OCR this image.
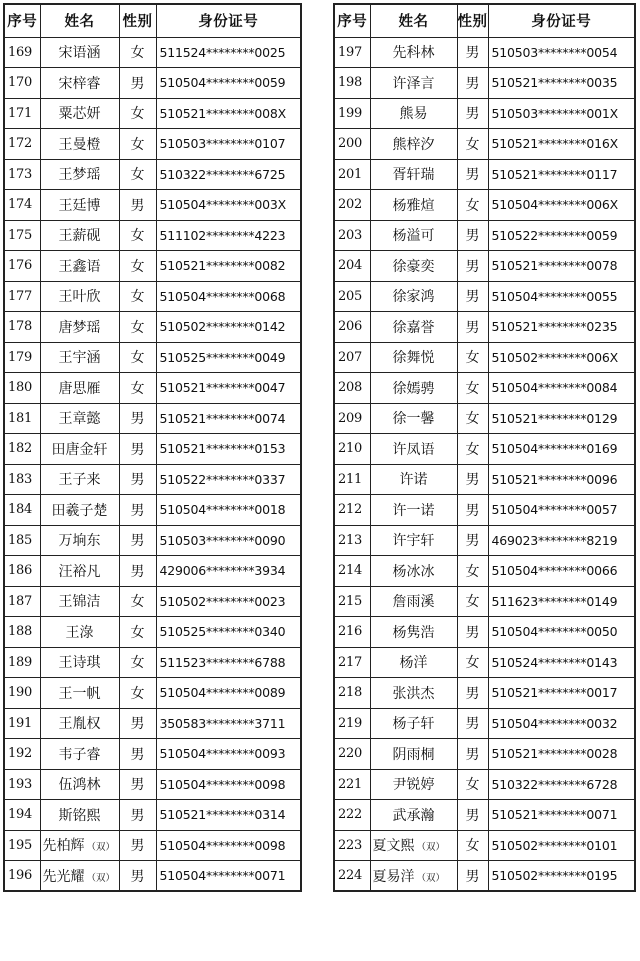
序号	姓名	性别	身份证号
169	宋语涵	女	511524********0025
170	宋梓睿	男	510504********0059
171	粟芯妍	女	510521********008X
172	王曼橙	女	510503********0107
173	王梦瑶	女	510322********6725
174	王廷博	男	510504********003X
175	王薪砚	女	511102********4223
176	王鑫语	女	510521********0082
177	王叶欣	女	510504********0068
178	唐梦瑶	女	510502********0142
179	王宇涵	女	510525********0049
180	唐思雁	女	510521********0047
181	王章懿	男	510521********0074
182	田唐金轩	男	510521********0153
183	王子来	男	510522********0337
184	田羲子楚	男	510504********0018
185	万垧东	男	510503********0090
186	汪裕凡	男	429006********3934
187	王锦洁	女	510502********0023
188	王淥	女	510525********0340
189	王诗琪	女	511523********6788
190	王一帆	女	510504********0089
191	王胤权	男	350583********3711
192	韦子睿	男	510504********0093
193	伍鸿林	男	510504********0098
194	斯铭熙	男	510521********0314
195	先柏辉 （双）	男	510504********0098
196	先光耀 （双）	男	510504********0071
序号	姓名	性别	身份证号
197	先科林	男	510503********0054
198	许泽言	男	510521********0035
199	熊易	男	510503********001X
200	熊梓汐	女	510521********016X
201	胥轩瑞	男	510521********0117
202	杨雅煊	女	510504********006X
203	杨溢可	男	510522********0059
204	徐豪奕	男	510521********0078
205	徐家鸿	男	510504********0055
206	徐嘉誉	男	510521********0235
207	徐舞悦	女	510502********006X
208	徐嫣骋	女	510504********0084
209	徐一馨	女	510521********0129
210	许凤语	女	510504********0169
211	许诺	男	510521********0096
212	许一诺	男	510504********0057
213	许宇轩	男	469023********8219
214	杨冰冰	女	510504********0066
215	詹雨溪	女	511623********0149
216	杨隽浩	男	510504********0050
217	杨洋	女	510524********0143
218	张洪杰	男	510521********0017
219	杨子轩	男	510504********0032
220	阴雨桐	男	510521********0028
221	尹锐婷	女	510322********6728
222	武承瀚	男	510521********0071
223	夏文熙 （双）	女	510502********0101
224	夏易洋 （双）	男	510502********0195
